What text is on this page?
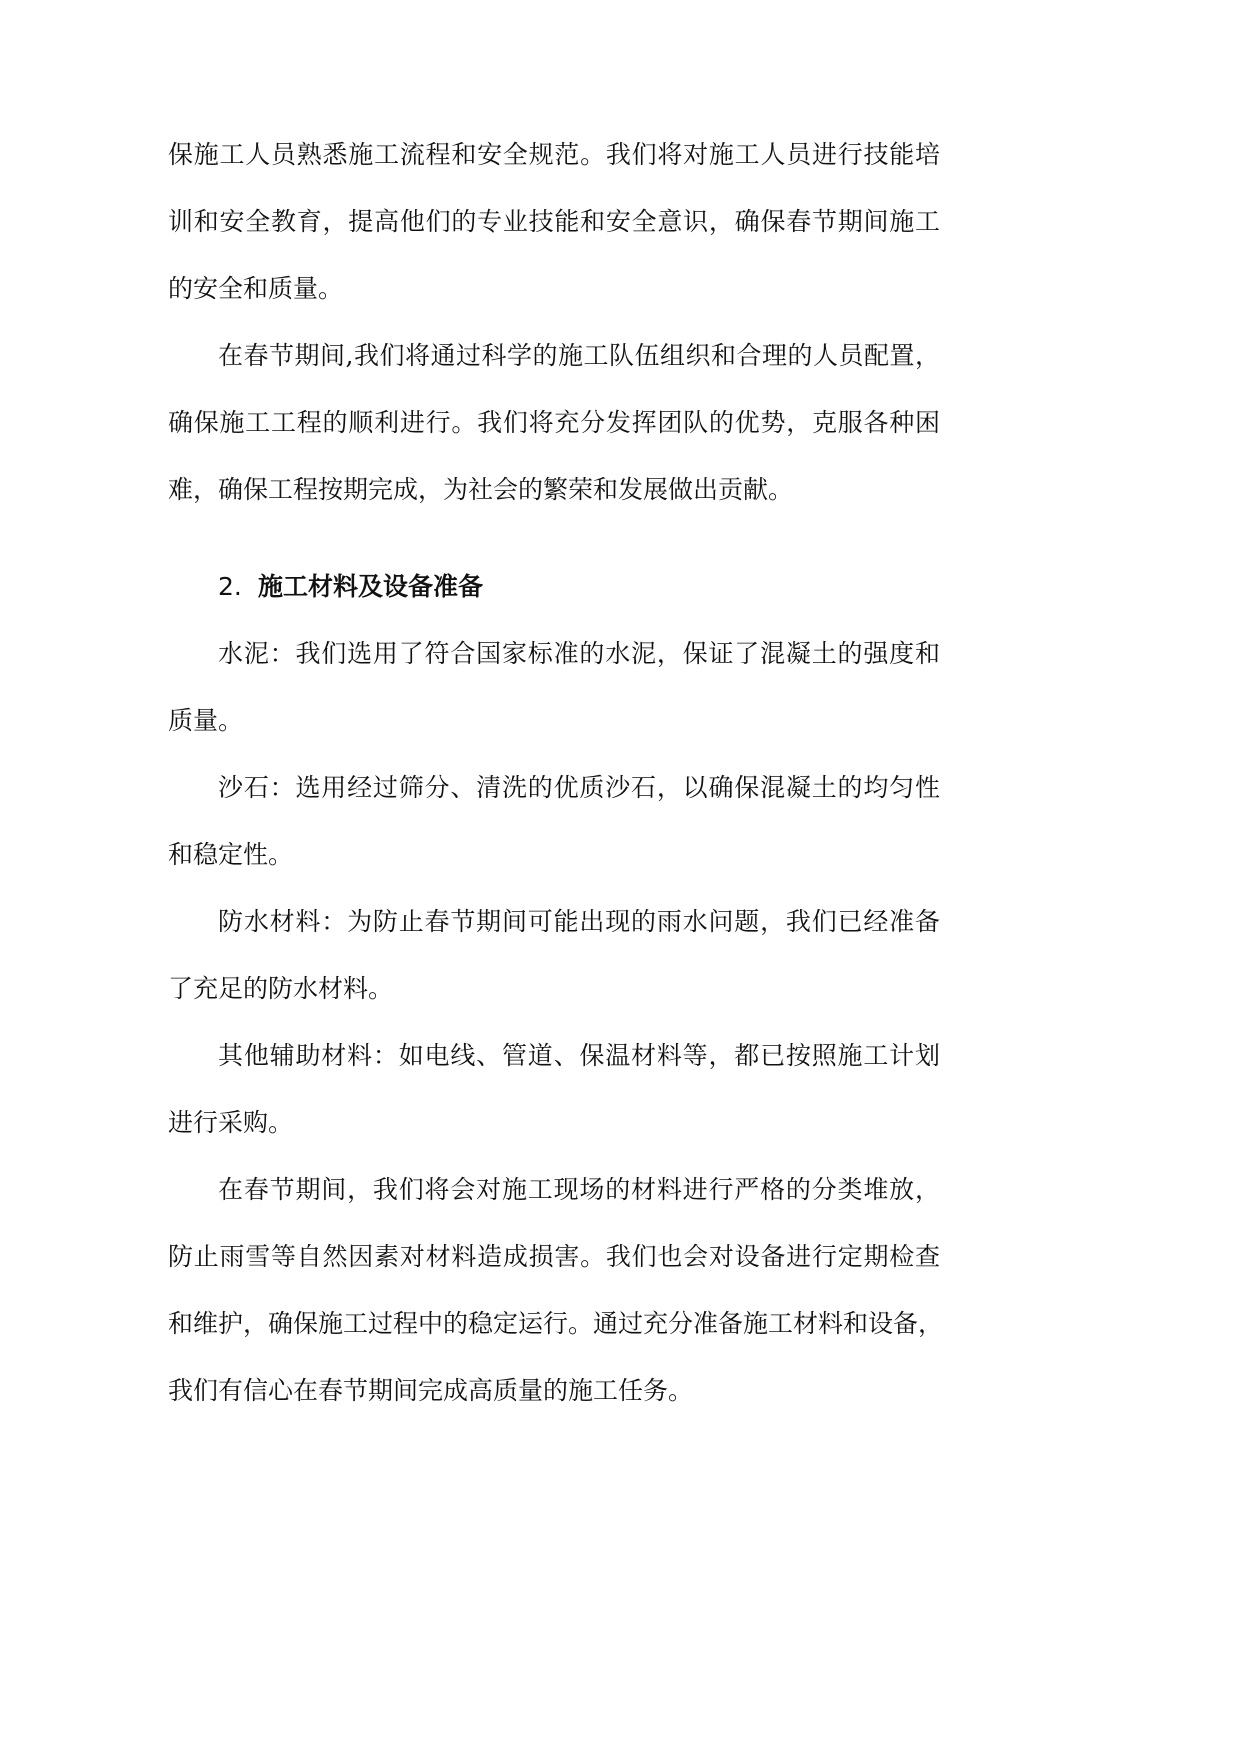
保施工人员熟悉施工流程和安全规范。我们将对施工人员进行技能培
训和安全教育，提高他们的专业技能和安全意识，确保春节期间施工
的安全和质量。
在春节期间,我们将通过科学的施工队伍组织和合理的人员配置，
确保施工工程的顺利进行。我们将充分发挥团队的优势，克服各种困
难，确保工程按期完成，为社会的繁荣和发展做出贡献。
2. 施工材料及设备准备
水泥：我们选用了符合国家标准的水泥，保证了混凝土的强度和
质量。
沙石：选用经过筛分、清洗的优质沙石，以确保混凝土的均匀性
和稳定性。
防水材料：为防止春节期间可能出现的雨水问题，我们已经准备
了充足的防水材料。
其他辅助材料：如电线、管道、保温材料等，都已按照施工计划
进行采购。
在春节期间，我们将会对施工现场的材料进行严格的分类堆放，
防止雨雪等自然因素对材料造成损害。我们也会对设备进行定期检查
和维护，确保施工过程中的稳定运行。通过充分准备施工材料和设备，
我们有信心在春节期间完成高质量的施工任务。
